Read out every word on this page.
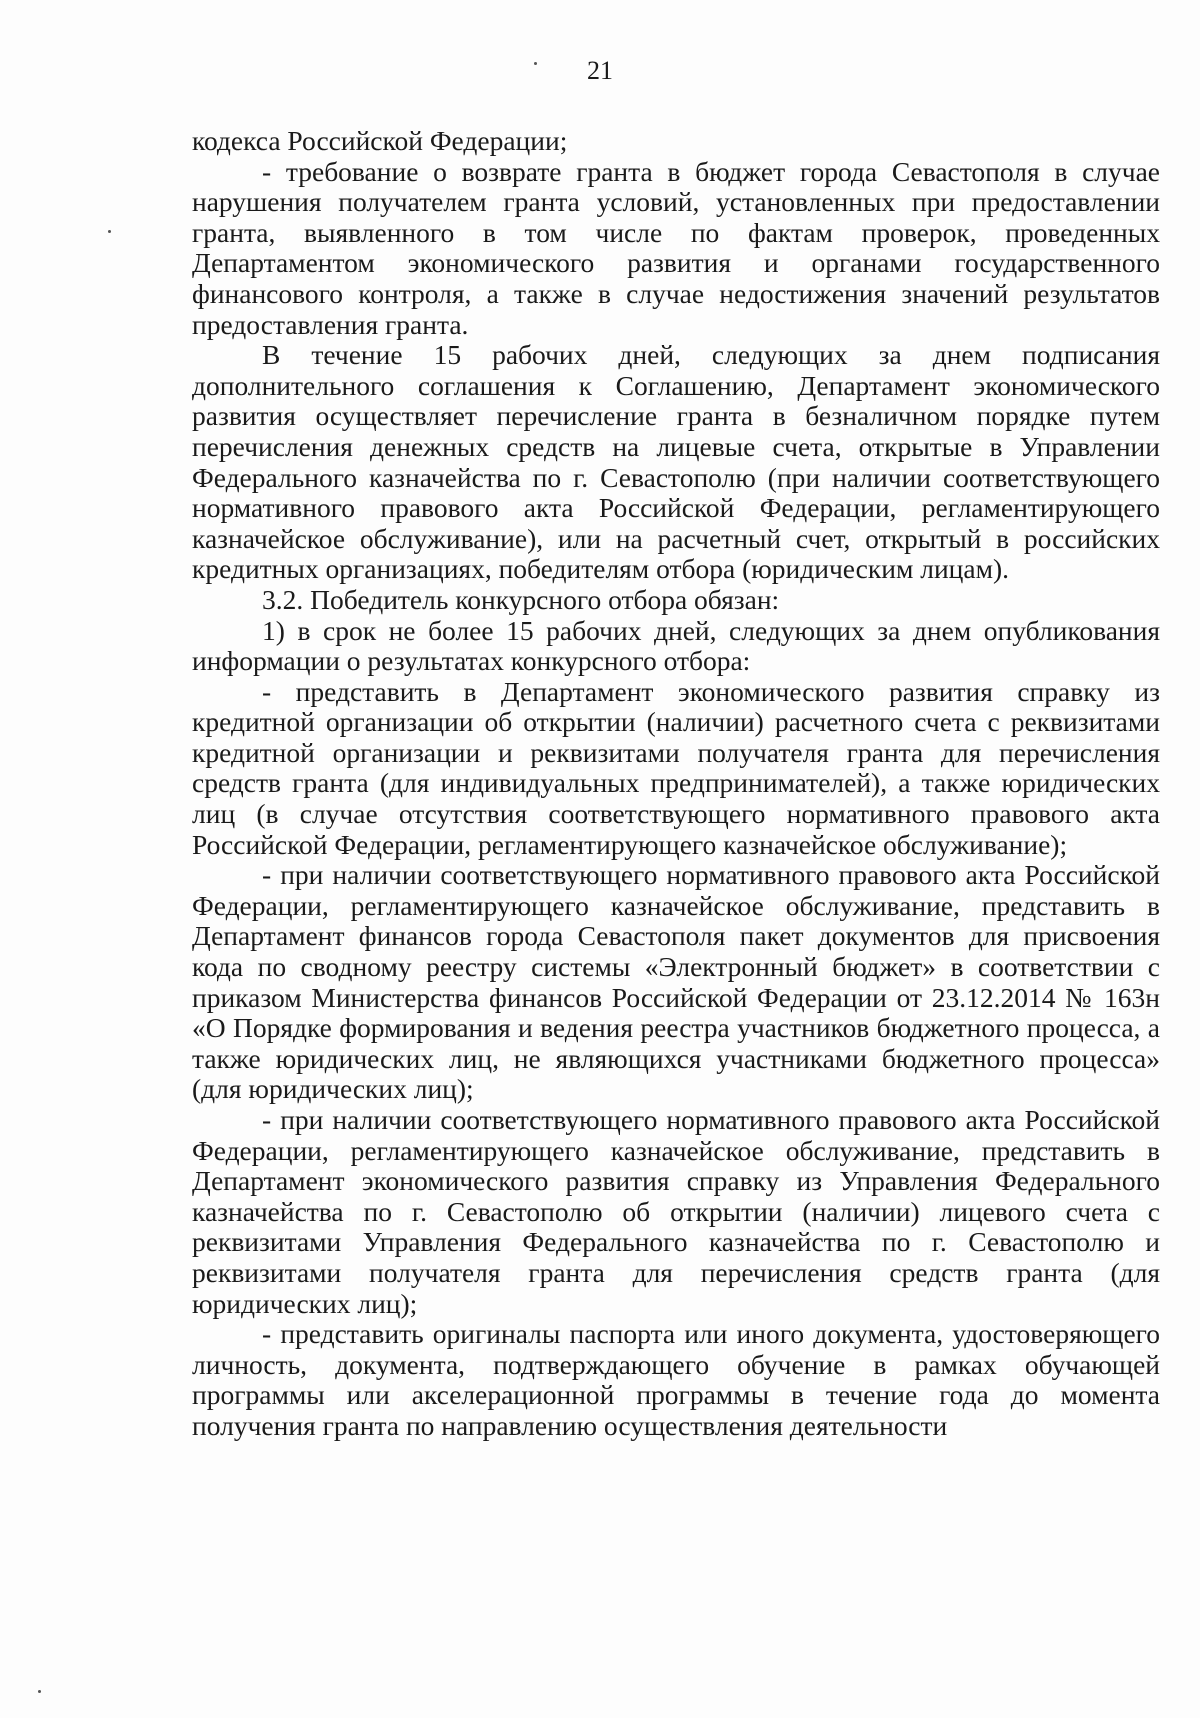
21

кодекса Российской Федерации;

- требование о возврате гранта в бюджет города Севастополя в случае нарушения получателем гранта условий, установленных при предоставлении гранта, выявленного в том числе по фактам проверок, проведенных Департаментом экономического развития и органами государственного финансового контроля, а также в случае недостижения значений результатов предоставления гранта.

В течение 15 рабочих дней, следующих за днем подписания дополнительного соглашения к Соглашению, Департамент экономического развития осуществляет перечисление гранта в безналичном порядке путем перечисления денежных средств на лицевые счета, открытые в Управлении Федерального казначейства по г. Севастополю (при наличии соответствующего нормативного правового акта Российской Федерации, регламентирующего казначейское обслуживание), или на расчетный счет, открытый в российских кредитных организациях, победителям отбора (юридическим лицам).

3.2. Победитель конкурсного отбора обязан:

1) в срок не более 15 рабочих дней, следующих за днем опубликования информации о результатах конкурсного отбора:

- представить в Департамент экономического развития справку из кредитной организации об открытии (наличии) расчетного счета с реквизитами кредитной организации и реквизитами получателя гранта для перечисления средств гранта (для индивидуальных предпринимателей), а также юридических лиц (в случае отсутствия соответствующего нормативного правового акта Российской Федерации, регламентирующего казначейское обслуживание);

- при наличии соответствующего нормативного правового акта Российской Федерации, регламентирующего казначейское обслуживание, представить в Департамент финансов города Севастополя пакет документов для присвоения кода по сводному реестру системы «Электронный бюджет» в соответствии с приказом Министерства финансов Российской Федерации от 23.12.2014 № 163н «О Порядке формирования и ведения реестра участников бюджетного процесса, а также юридических лиц, не являющихся участниками бюджетного процесса» (для юридических лиц);

- при наличии соответствующего нормативного правового акта Российской Федерации, регламентирующего казначейское обслуживание, представить в Департамент экономического развития справку из Управления Федерального казначейства по г. Севастополю об открытии (наличии) лицевого счета с реквизитами Управления Федерального казначейства по г. Севастополю и реквизитами получателя гранта для перечисления средств гранта (для юридических лиц);

- представить оригиналы паспорта или иного документа, удостоверяющего личность, документа, подтверждающего обучение в рамках обучающей программы или акселерационной программы в течение года до момента получения гранта по направлению осуществления деятельности
